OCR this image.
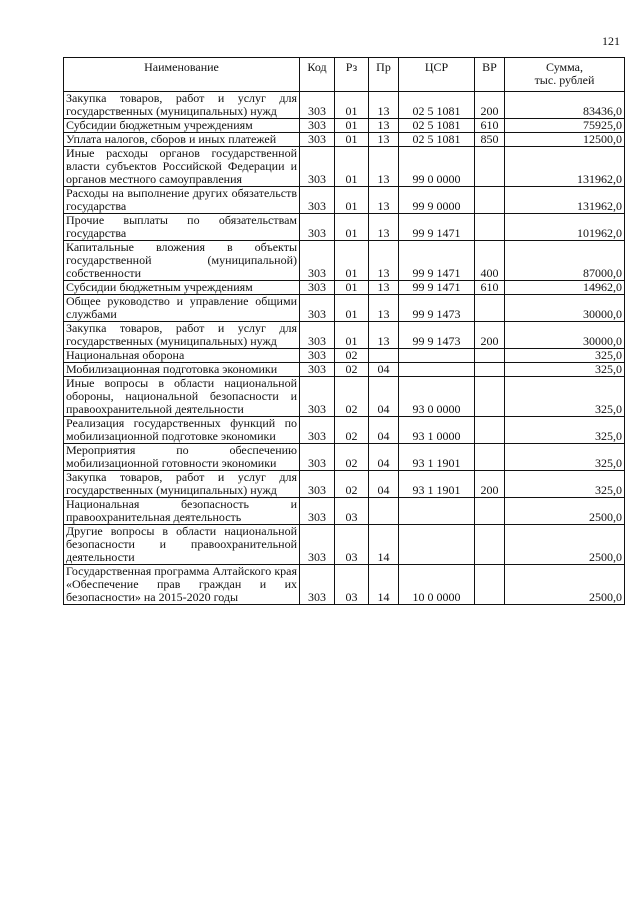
121
Наименование	Код	Рз	Пр	ЦСР	ВР	Сумма,
тыс. рублей
Закупка товаров, работ и услуг для государственных (муниципальных) нужд	303	01	13	02 5 1081	200	83436,0
Субсидии бюджетным учреждениям	303	01	13	02 5 1081	610	75925,0
Уплата налогов, сборов и иных платежей	303	01	13	02 5 1081	850	12500,0
Иные расходы органов государственной власти субъектов Российской Федерации и органов местного самоуправления	303	01	13	99 0 0000		131962,0
Расходы на выполнение других обязательств государства	303	01	13	99 9 0000		131962,0
Прочие выплаты по обязательствам государства	303	01	13	99 9 1471		101962,0
Капитальные вложения в объекты государственной (муниципальной) собственности	303	01	13	99 9 1471	400	87000,0
Субсидии бюджетным учреждениям	303	01	13	99 9 1471	610	14962,0
Общее руководство и управление общими службами	303	01	13	99 9 1473		30000,0
Закупка товаров, работ и услуг для государственных (муниципальных) нужд	303	01	13	99 9 1473	200	30000,0
Национальная оборона	303	02				325,0
Мобилизационная подготовка экономики	303	02	04			325,0
Иные вопросы в области национальной обороны, национальной безопасности и правоохранительной деятельности	303	02	04	93 0 0000		325,0
Реализация государственных функций по мобилизационной подготовке экономики	303	02	04	93 1 0000		325,0
Мероприятия по обеспечению мобилизационной готовности экономики	303	02	04	93 1 1901		325,0
Закупка товаров, работ и услуг для государственных (муниципальных) нужд	303	02	04	93 1 1901	200	325,0
Национальная безопасность и правоохранительная деятельность	303	03				2500,0
Другие вопросы в области национальной безопасности и правоохранительной деятельности	303	03	14			2500,0
Государственная программа Алтайского края «Обеспечение прав граждан и их безопасности» на 2015-2020 годы	303	03	14	10 0 0000		2500,0
